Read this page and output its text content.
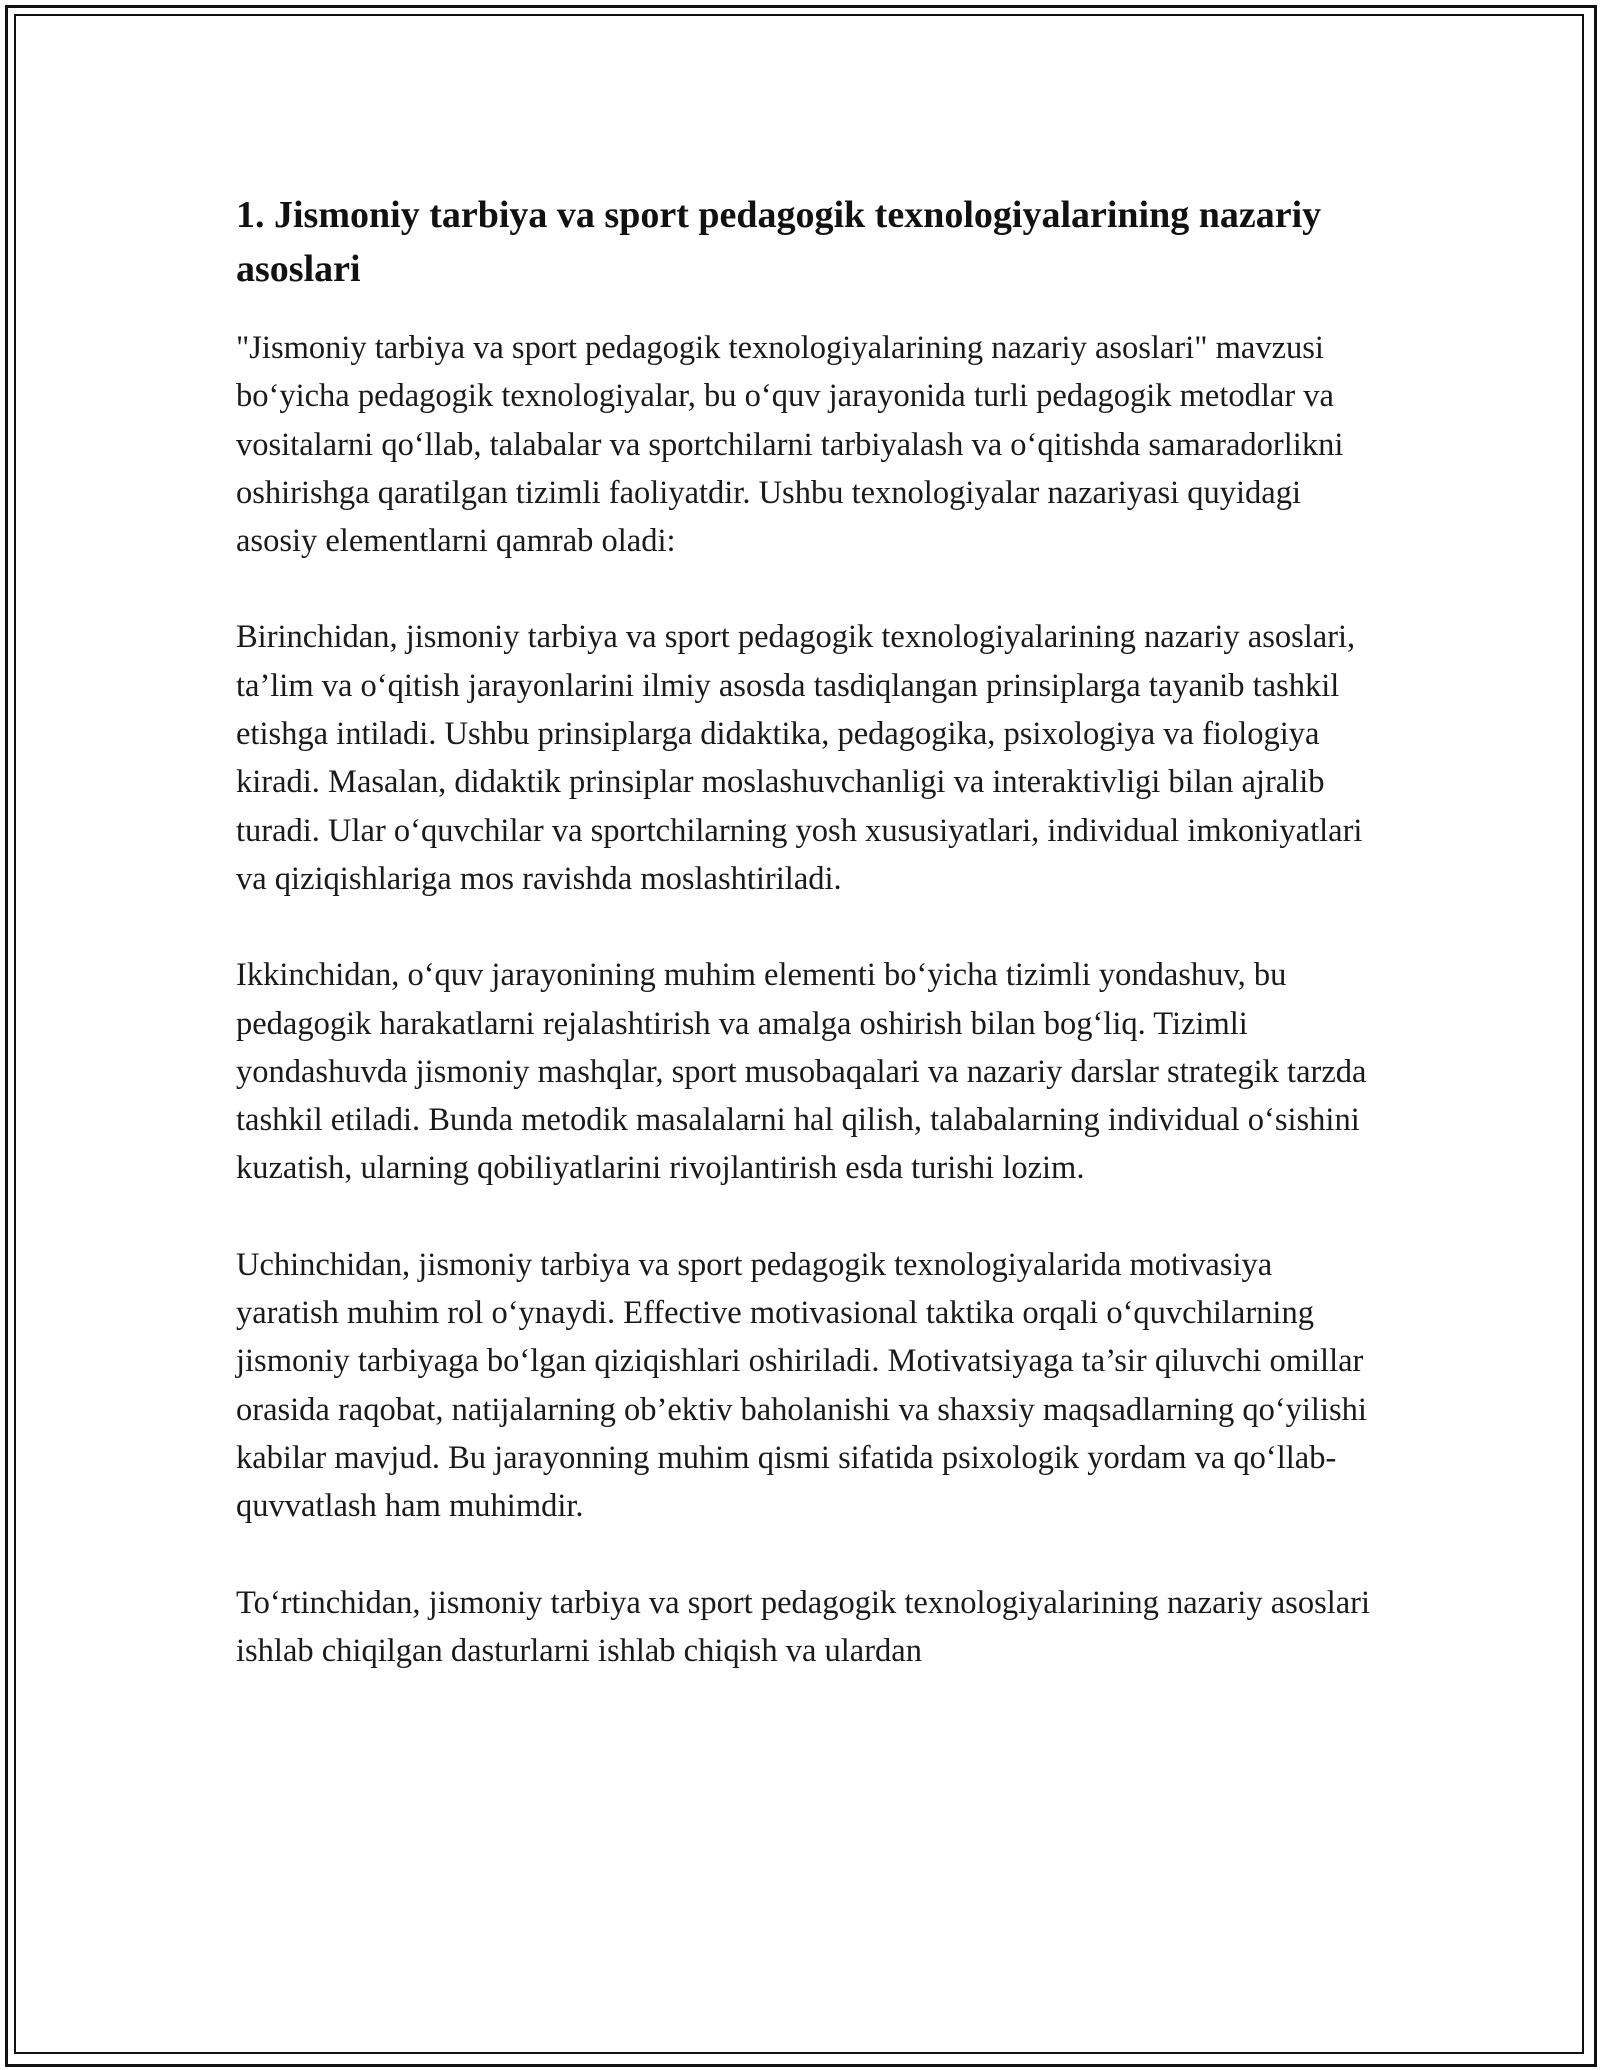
1. Jismoniy tarbiya va sport pedagogik texnologiyalarining nazariy asoslari

"Jismoniy tarbiya va sport pedagogik texnologiyalarining nazariy asoslari" mavzusi bo‘yicha pedagogik texnologiyalar, bu o‘quv jarayonida turli pedagogik metodlar va vositalarni qo‘llab, talabalar va sportchilarni tarbiyalash va o‘qitishda samaradorlikni oshirishga qaratilgan tizimli faoliyatdir. Ushbu texnologiyalar nazariyasi quyidagi asosiy elementlarni qamrab oladi:

Birinchidan, jismoniy tarbiya va sport pedagogik texnologiyalarining nazariy asoslari, ta’lim va o‘qitish jarayonlarini ilmiy asosda tasdiqlangan prinsiplarga tayanib tashkil etishga intiladi. Ushbu prinsiplarga didaktika, pedagogika, psixologiya va fiologiya kiradi. Masalan, didaktik prinsiplar moslashuvchanligi va interaktivligi bilan ajralib turadi. Ular o‘quvchilar va sportchilarning yosh xususiyatlari, individual imkoniyatlari va qiziqishlariga mos ravishda moslashtiriladi.

Ikkinchidan, o‘quv jarayonining muhim elementi bo‘yicha tizimli yondashuv, bu pedagogik harakatlarni rejalashtirish va amalga oshirish bilan bog‘liq. Tizimli yondashuvda jismoniy mashqlar, sport musobaqalari va nazariy darslar strategik tarzda tashkil etiladi. Bunda metodik masalalarni hal qilish, talabalarning individual o‘sishini kuzatish, ularning qobiliyatlarini rivojlantirish esda turishi lozim.

Uchinchidan, jismoniy tarbiya va sport pedagogik texnologiyalarida motivasiya yaratish muhim rol o‘ynaydi. Effective motivasional taktika orqali o‘quvchilarning jismoniy tarbiyaga bo‘lgan qiziqishlari oshiriladi. Motivatsiyaga ta’sir qiluvchi omillar orasida raqobat, natijalarning ob’ektiv baholanishi va shaxsiy maqsadlarning qo‘yilishi kabilar mavjud. Bu jarayonning muhim qismi sifatida psixologik yordam va qo‘llab-quvvatlash ham muhimdir.

To‘rtinchidan, jismoniy tarbiya va sport pedagogik texnologiyalarining nazariy asoslari ishlab chiqilgan dasturlarni ishlab chiqish va ulardan
